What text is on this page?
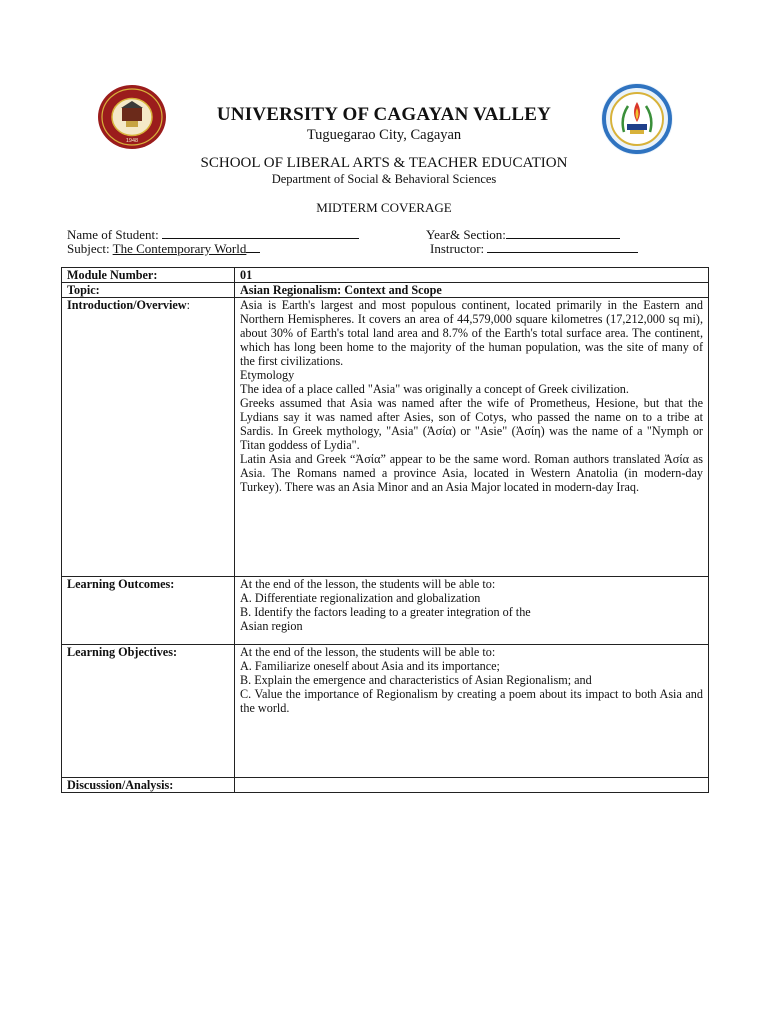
1948
UNIVERSITY OF CAGAYAN VALLEY
Tuguegarao City, Cagayan
SCHOOL OF LIBERAL ARTS & TEACHER EDUCATION
Department of Social & Behavioral Sciences
MIDTERM COVERAGE
Name of Student:	Year& Section:
Subject: The Contemporary World	Instructor:
Module Number:	01
Topic:	Asian Regionalism: Context and Scope
Introduction/Overview:	Asia is Earth's largest and most populous continent, located primarily in the Eastern and Northern Hemispheres. It covers an area of 44,579,000 square kilometres (17,212,000 sq mi), about 30% of Earth's total land area and 8.7% of the Earth's total surface area. The continent, which has long been home to the majority of the human population, was the site of many of the first civilizations.

Etymology

The idea of a place called "Asia" was originally a concept of Greek civilization.

Greeks assumed that Asia was named after the wife of Prometheus, Hesione, but that the Lydians say it was named after Asies, son of Cotys, who passed the name on to a tribe at Sardis. In Greek mythology, "Asia" (Ἀσία) or "Asie" (Ἀσίη) was the name of a "Nymph or Titan goddess of Lydia".

Latin Asia and Greek “Ἀσία” appear to be the same word. Roman authors translated Ἀσία as Asia. The Romans named a province Asia, located in Western Anatolia (in modern-day Turkey). There was an Asia Minor and an Asia Major located in modern-day Iraq.

Learning Outcomes:	At the end of the lesson, the students will be able to:

A. Differentiate regionalization and globalization

B. Identify the factors leading to a greater integration of the

Asian region

Learning Objectives:	At the end of the lesson, the students will be able to:

A. Familiarize oneself about Asia and its importance;

B. Explain the emergence and characteristics of Asian Regionalism; and

C. Value the importance of Regionalism by creating a poem about its impact to both Asia and the world.

Discussion/Analysis:	
